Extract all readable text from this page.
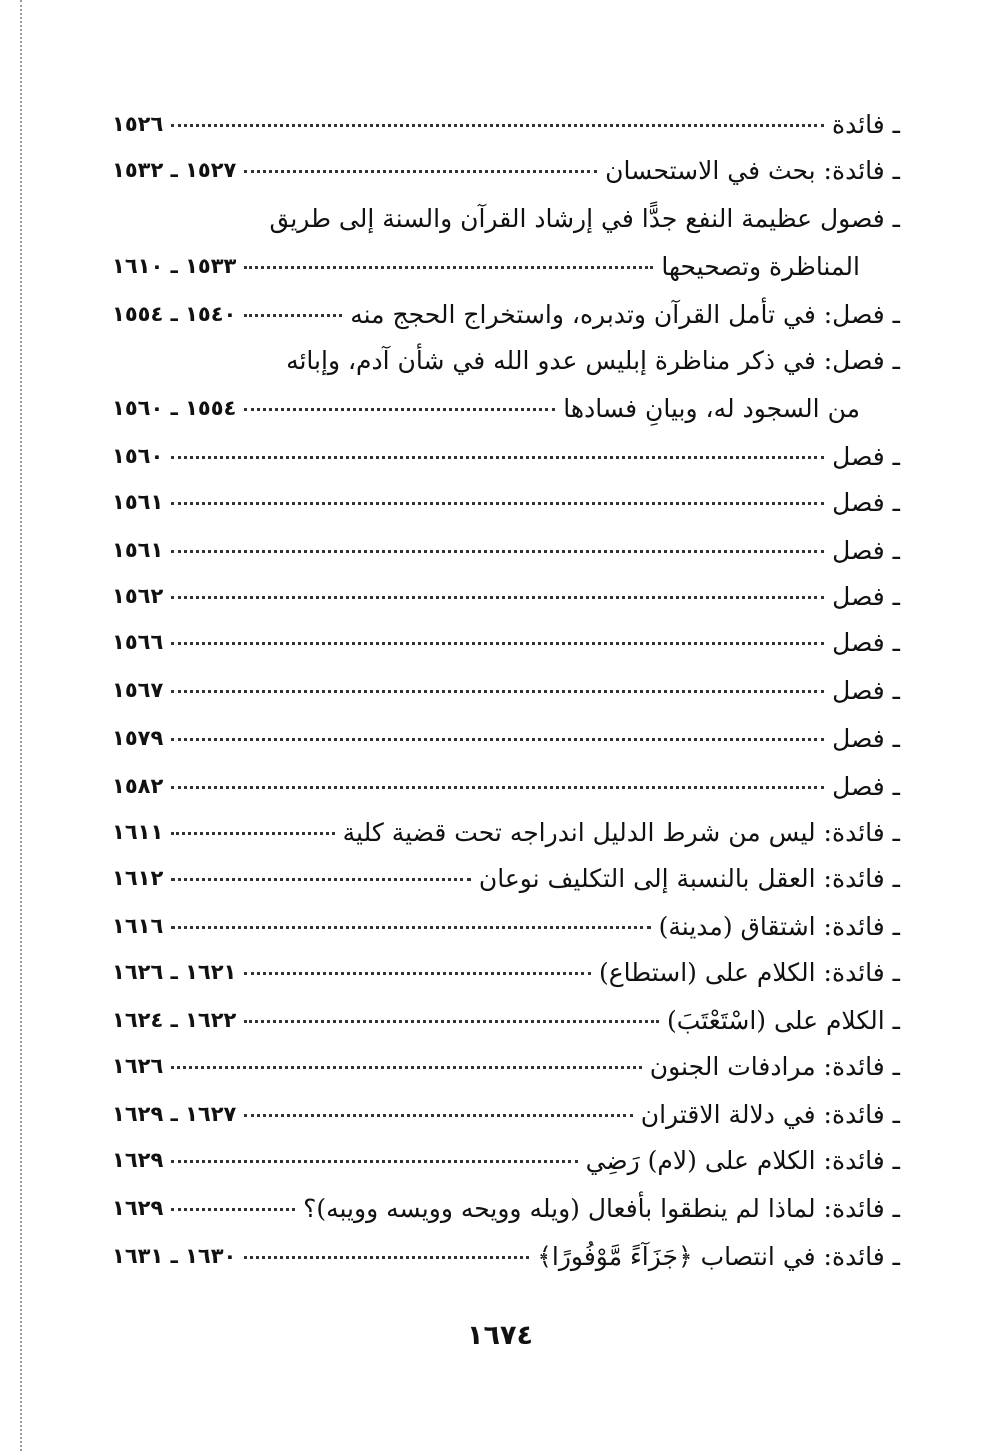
١٥٢٦	ـ فائدة
١٥٢٧ ـ ١٥٣٢	ـ فائدة: بحث في الاستحسان
ـ فصول عظيمة النفع جدًّا في إرشاد القرآن والسنة إلى طريق
١٥٣٣ ـ ١٦١٠	المناظرة وتصحيحها
١٥٤٠ ـ ١٥٥٤	ـ فصل: في تأمل القرآن وتدبره، واستخراج الحجج منه
ـ فصل: في ذكر مناظرة إبليس عدو الله في شأن آدم، وإبائه
١٥٥٤ ـ ١٥٦٠	من السجود له، وبيانِ فسادها
١٥٦٠	ـ فصل
١٥٦١	ـ فصل
١٥٦١	ـ فصل
١٥٦٢	ـ فصل
١٥٦٦	ـ فصل
١٥٦٧	ـ فصل
١٥٧٩	ـ فصل
١٥٨٢	ـ فصل
١٦١١	ـ فائدة: ليس من شرط الدليل اندراجه تحت قضية كلية
١٦١٢	ـ فائدة: العقل بالنسبة إلى التكليف نوعان
١٦١٦	ـ فائدة: اشتقاق (مدينة)
١٦٢١ ـ ١٦٢٦	ـ فائدة: الكلام على (استطاع)
١٦٢٢ ـ ١٦٢٤	ـ الكلام على (اسْتَعْتَبَ)
١٦٢٦	ـ فائدة: مرادفات الجنون
١٦٢٧ ـ ١٦٢٩	ـ فائدة: في دلالة الاقتران
١٦٢٩	ـ فائدة: الكلام على (لام) رَضِي
١٦٢٩	ـ فائدة: لماذا لم ينطقوا بأفعال (ويله وويحه وويسه وويبه)؟
١٦٣٠ ـ ١٦٣١	ـ فائدة: في انتصاب ﴿جَزَآءً مَّوْفُورًا﴾
١٦٧٤
